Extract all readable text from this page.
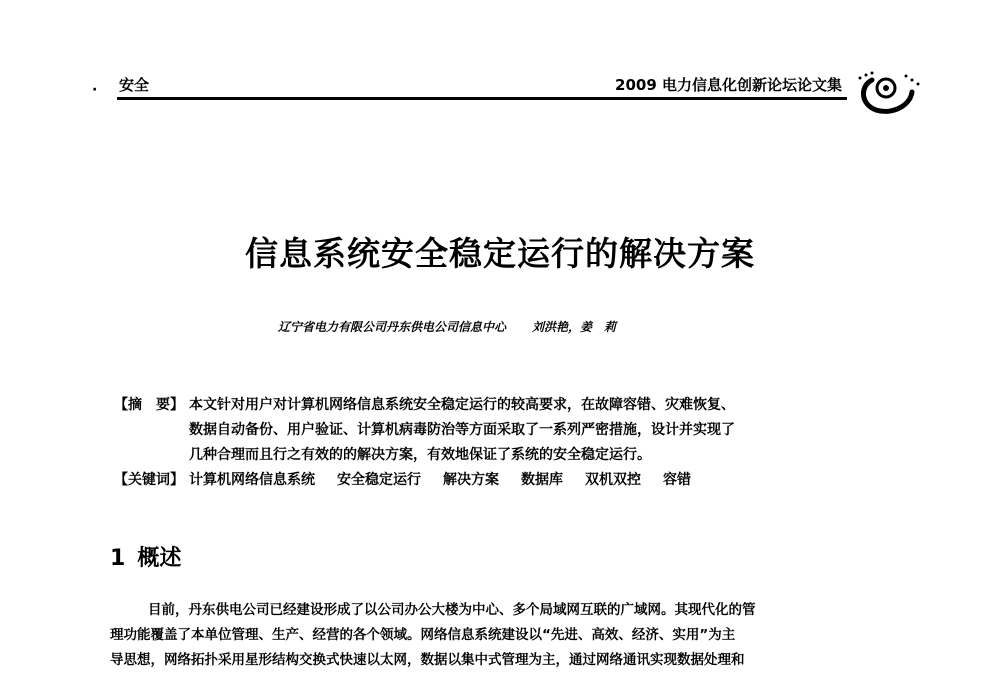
· 安全	2009 电力信息化创新论坛论文集
信息系统安全稳定运行的解决方案
辽宁省电力有限公司丹东供电公司信息中心 刘洪艳，姜　莉
【摘　要】 本文针对用户对计算机网络信息系统安全稳定运行的较高要求，在故障容错、灾难恢复、
数据自动备份、用户验证、计算机病毒防治等方面采取了一系列严密措施，设计并实现了
几种合理而且行之有效的的解决方案，有效地保证了系统的安全稳定运行。
【关键词】 计算机网络信息系统 安全稳定运行 解决方案 数据库 双机双控 容错
1 概述
目前，丹东供电公司已经建设形成了以公司办公大楼为中心、多个局域网互联的广域网。其现代化的管
理功能覆盖了本单位管理、生产、经营的各个领域。网络信息系统建设以“先进、高效、经济、实用”为主
导思想，网络拓扑采用星形结构交换式快速以太网，数据以集中式管理为主，通过网络通讯实现数据处理和
